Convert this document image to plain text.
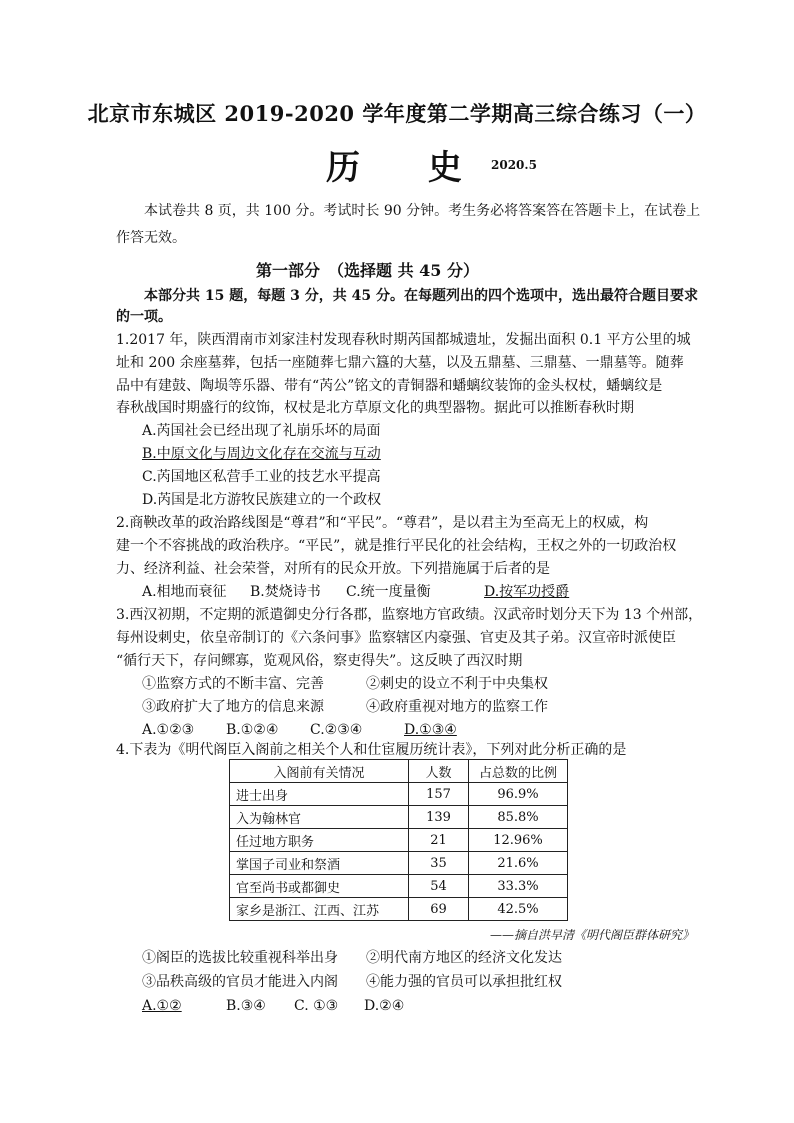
北京市东城区 2019-2020 学年度第二学期高三综合练习（一）
历 史 2020.5
本试卷共 8 页，共 100 分。考试时长 90 分钟。考生务必将答案答在答题卡上，在试卷上
作答无效。
第一部分　（选择题 共 45 分）
本部分共 15 题，每题 3 分，共 45 分。在每题列出的四个选项中，选出最符合题目要求
的一项。
1.2017 年，陕西渭南市刘家洼村发现春秋时期芮国都城遗址，发掘出面积 0.1 平方公里的城
址和 200 余座墓葬，包括一座随葬七鼎六簋的大墓，以及五鼎墓、三鼎墓、一鼎墓等。随葬
品中有建鼓、陶埙等乐器、带有“芮公”铭文的青铜器和蟠螭纹装饰的金头权杖，蟠螭纹是
春秋战国时期盛行的纹饰，权杖是北方草原文化的典型器物。据此可以推断春秋时期
A.芮国社会已经出现了礼崩乐坏的局面
B.中原文化与周边文化存在交流与互动
C.芮国地区私营手工业的技艺水平提高
D.芮国是北方游牧民族建立的一个政权
2.商鞅改革的政治路线图是“尊君”和“平民”。“尊君”，是以君主为至高无上的权威，构
建一个不容挑战的政治秩序。“平民”，就是推行平民化的社会结构，王权之外的一切政治权
力、经济利益、社会荣誉，对所有的民众开放。下列措施属于后者的是
A.相地而衰征 B.焚烧诗书 C.统一度量衡	D.按军功授爵
3.西汉初期，不定期的派遣御史分行各郡，监察地方官政绩。汉武帝时划分天下为 13 个州部，
每州设刺史，依皇帝制订的《六条问事》监察辖区内豪强、官吏及其子弟。汉宣帝时派使臣
“循行天下，存问鳏寡，览观风俗，察吏得失”。这反映了西汉时期
①监察方式的不断丰富、完善	②刺史的设立不利于中央集权
③政府扩大了地方的信息来源	④政府重视对地方的监察工作
A.①②③ B.①②④ C.②③④	D.①③④
4.下表为《明代阁臣入阁前之相关个人和仕宦履历统计表》，下列对此分析正确的是
入阁前有关情况	人数	占总数的比例
进士出身	157	96.9%
入为翰林官	139	85.8%
任过地方职务	21	12.96%
掌国子司业和祭酒	35	21.6%
官至尚书或都御史	54	33.3%
家乡是浙江、江西、江苏	69	42.5%
——摘自洪早清《明代阁臣群体研究》
①阁臣的选拔比较重视科举出身 ②明代南方地区的经济文化发达
③品秩高级的官员才能进入内阁 ④能力强的官员可以承担批红权
A.①②	B.③④ C. ①③ D.②④
